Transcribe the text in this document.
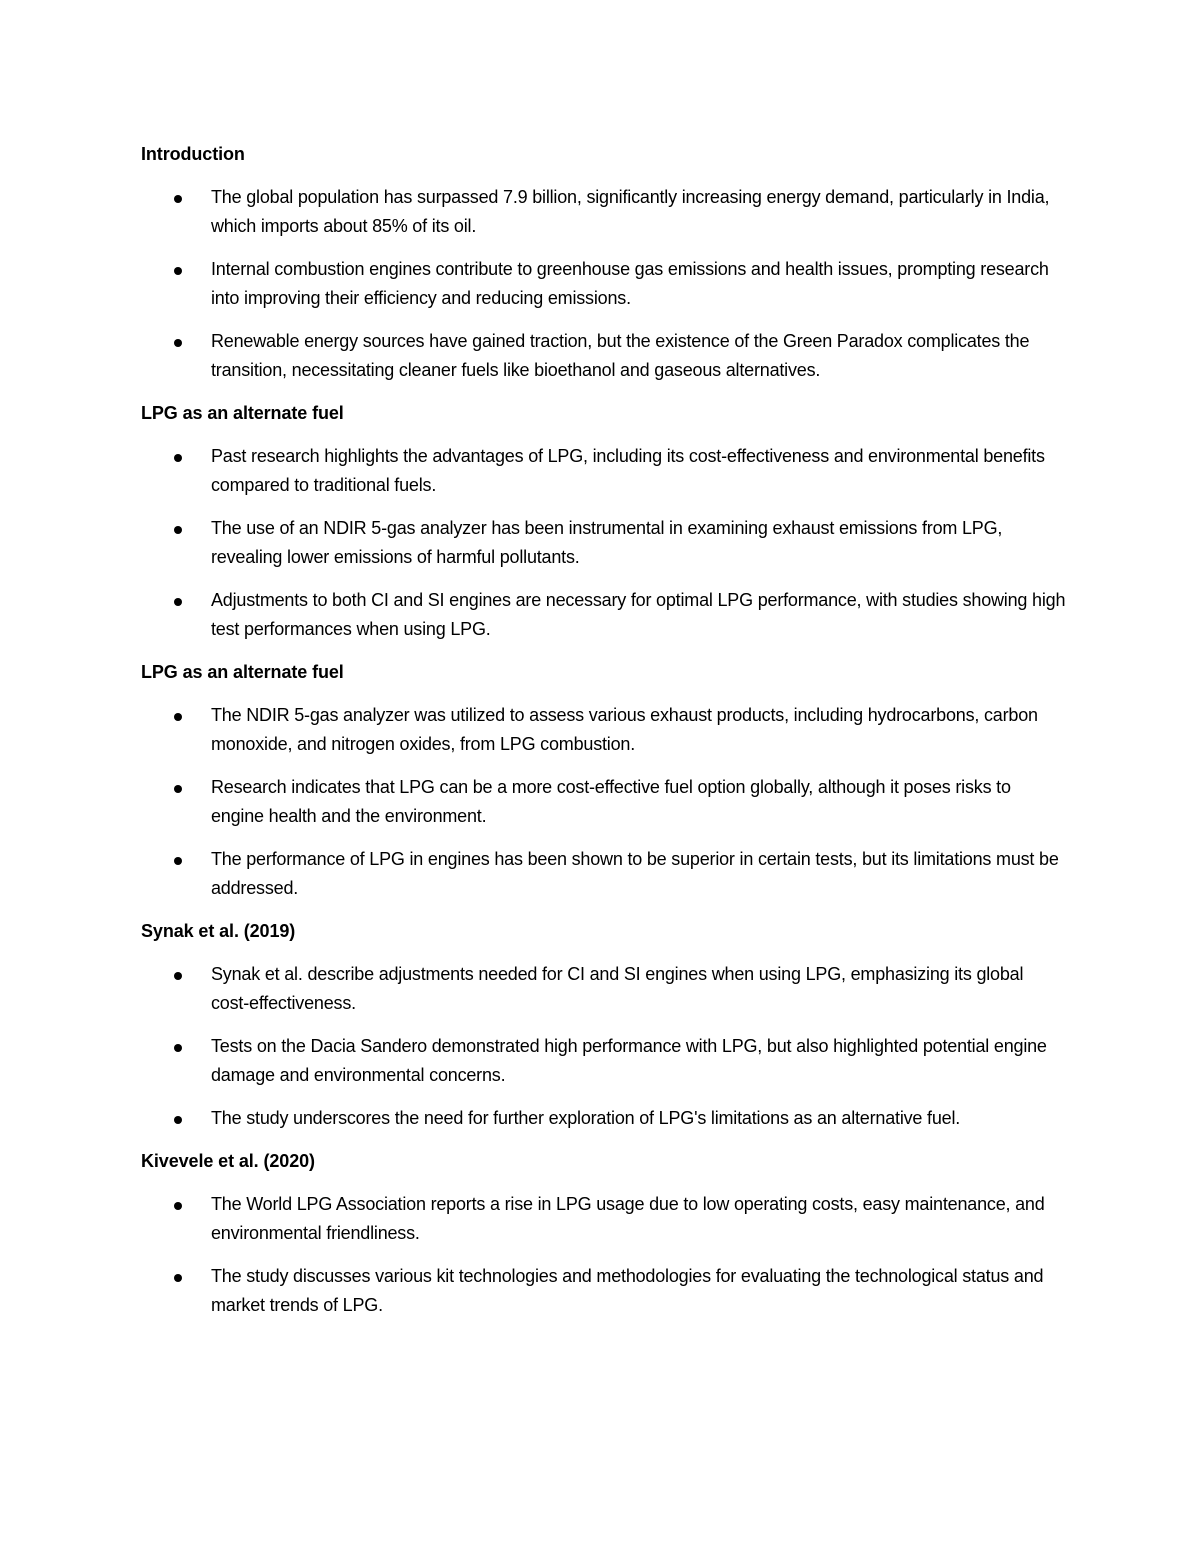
Introduction
The global population has surpassed 7.9 billion, significantly increasing energy demand, particularly in India, which imports about 85% of its oil.
Internal combustion engines contribute to greenhouse gas emissions and health issues, prompting research into improving their efficiency and reducing emissions.
Renewable energy sources have gained traction, but the existence of the Green Paradox complicates the transition, necessitating cleaner fuels like bioethanol and gaseous alternatives.
LPG as an alternate fuel
Past research highlights the advantages of LPG, including its cost-effectiveness and environmental benefits compared to traditional fuels.
The use of an NDIR 5-gas analyzer has been instrumental in examining exhaust emissions from LPG, revealing lower emissions of harmful pollutants.
Adjustments to both CI and SI engines are necessary for optimal LPG performance, with studies showing high test performances when using LPG.
LPG as an alternate fuel
The NDIR 5-gas analyzer was utilized to assess various exhaust products, including hydrocarbons, carbon monoxide, and nitrogen oxides, from LPG combustion.
Research indicates that LPG can be a more cost-effective fuel option globally, although it poses risks to engine health and the environment.
The performance of LPG in engines has been shown to be superior in certain tests, but its limitations must be addressed.
Synak et al. (2019)
Synak et al. describe adjustments needed for CI and SI engines when using LPG, emphasizing its global cost-effectiveness.
Tests on the Dacia Sandero demonstrated high performance with LPG, but also highlighted potential engine damage and environmental concerns.
The study underscores the need for further exploration of LPG's limitations as an alternative fuel.
Kivevele et al. (2020)
The World LPG Association reports a rise in LPG usage due to low operating costs, easy maintenance, and environmental friendliness.
The study discusses various kit technologies and methodologies for evaluating the technological status and market trends of LPG.
